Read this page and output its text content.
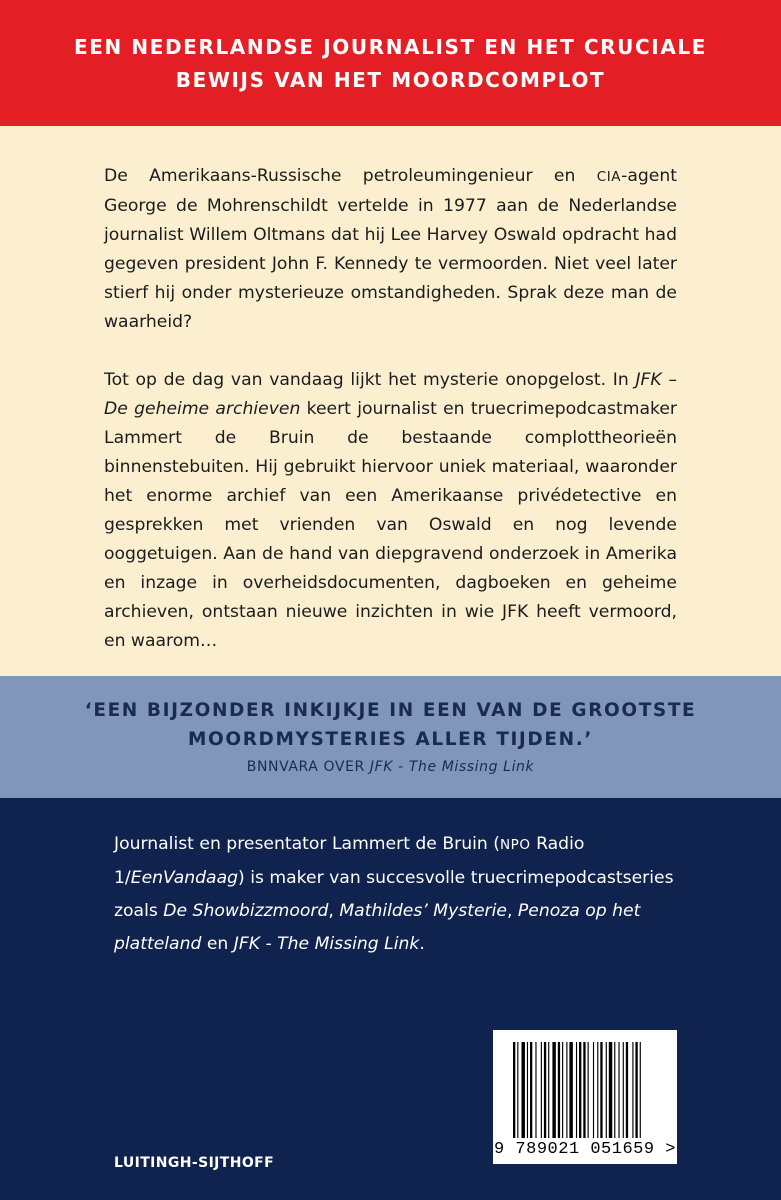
EEN NEDERLANDSE JOURNALIST EN HET CRUCIALE
BEWIJS VAN HET MOORDCOMPLOT

De Amerikaans-Russische petroleumingenieur en CIA-agent George de Mohrenschildt vertelde in 1977 aan de Nederlandse journalist Willem Oltmans dat hij Lee Harvey Oswald opdracht had gegeven president John F. Kennedy te vermoorden. Niet veel later stierf hij onder mysterieuze omstandigheden. Sprak deze man de waarheid?

Tot op de dag van vandaag lijkt het mysterie onopgelost. In JFK – De geheime archieven keert journalist en truecrimepodcastmaker Lammert de Bruin de bestaande complottheorieën binnenstebuiten. Hij gebruikt hiervoor uniek materiaal, waaronder het enorme archief van een Amerikaanse privédetective en gesprekken met vrienden van Oswald en nog levende ooggetuigen. Aan de hand van diepgravend onderzoek in Amerika en inzage in overheidsdocumenten, dagboeken en geheime archieven, ontstaan nieuwe inzichten in wie JFK heeft vermoord, en waarom…

‘EEN BIJZONDER INKIJKJE IN EEN VAN DE GROOTSTE
MOORDMYSTERIES ALLER TIJDEN.’
BNNVARA OVER JFK - The Missing Link
Journalist en presentator Lammert de Bruin (NPO Radio 1/EenVandaag) is maker van succesvolle truecrimepodcastseries zoals De Showbizzmoord, Mathildes’ Mysterie, Penoza op het platteland en JFK - The Missing Link.
9 789021 051659 >
LUITINGH-SIJTHOFF
